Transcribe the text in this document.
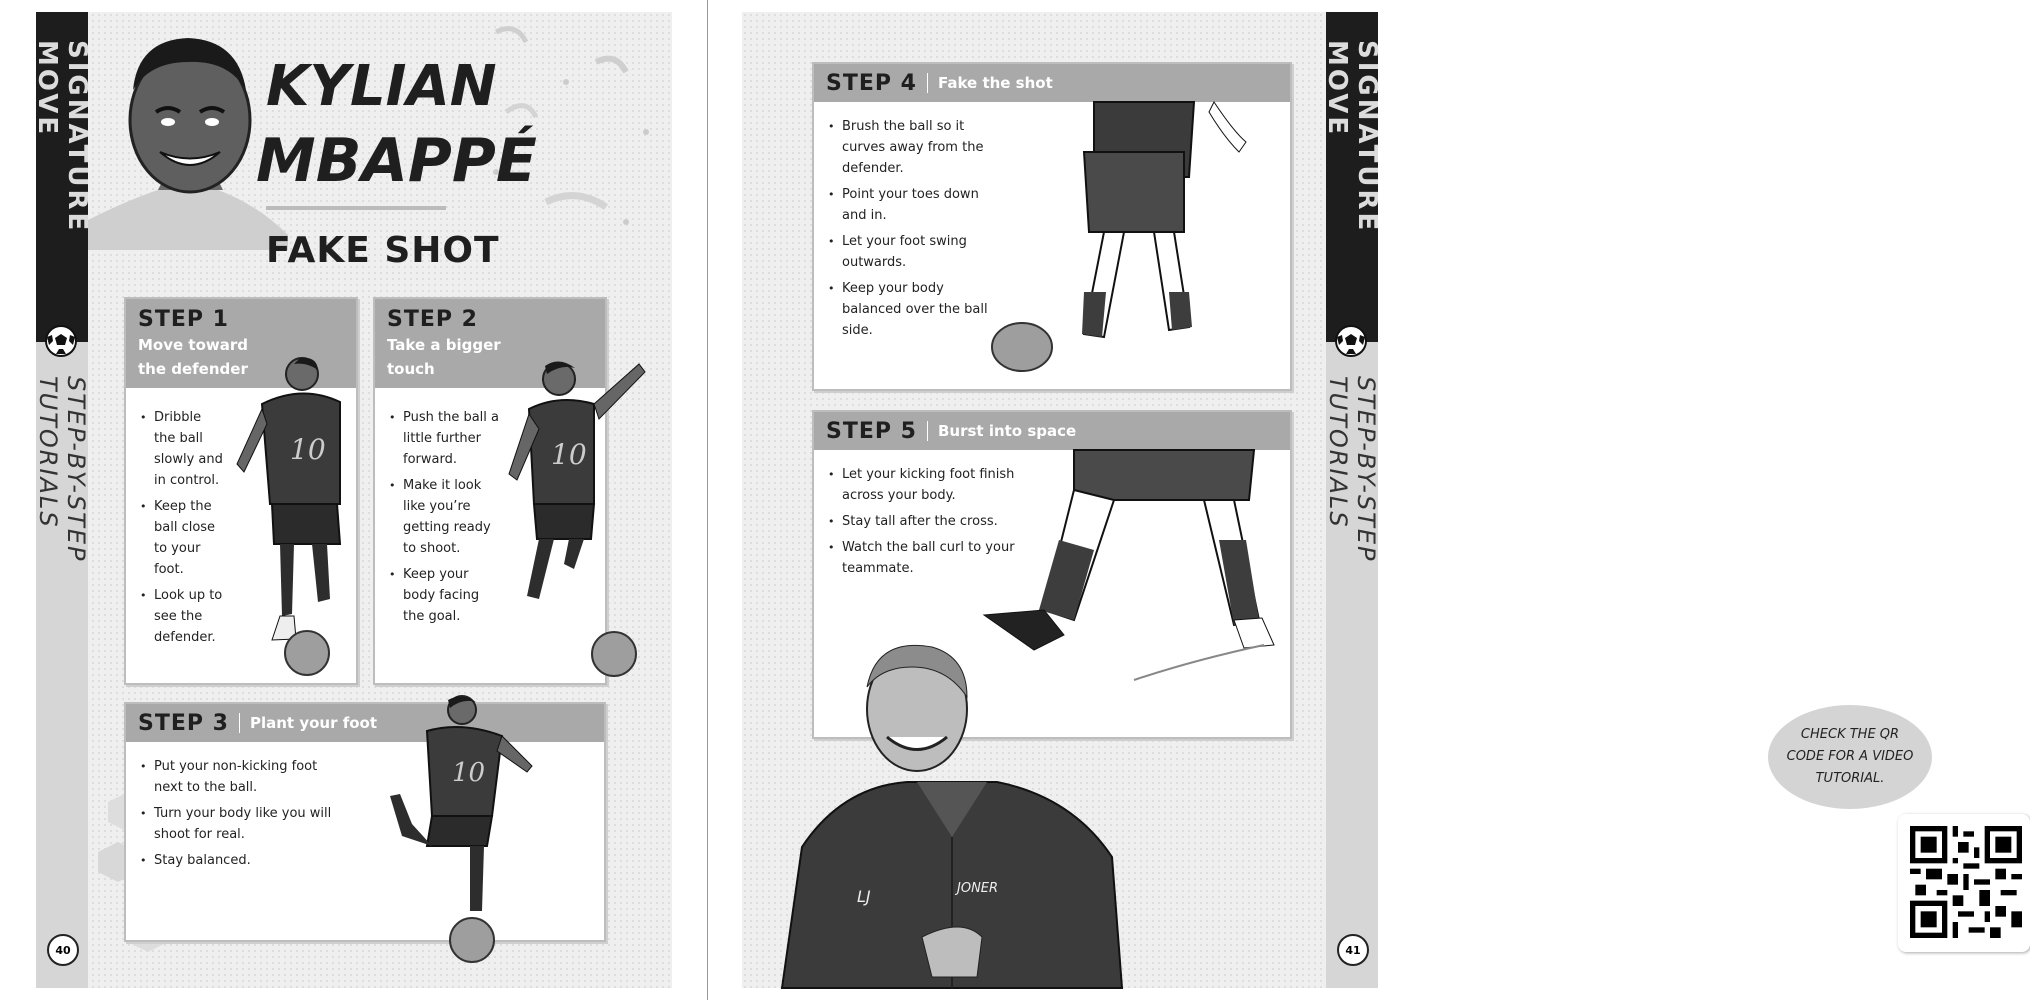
SIGNATURE MOVE
STEP-BY-STEP TUTORIALS
KYLIAN
MBAPPÉ
FAKE SHOT
STEP 1
Move toward
the defender
• Dribble the ball slowly and in control.
• Keep the ball close to your foot.
• Look up to see the defender.
10
STEP 2
Take a bigger
touch
• Push the ball a little further forward.
• Make it look like you’re getting ready to shoot.
• Keep your body facing the goal.
10
STEP 3 Plant your foot
• Put your non-kicking foot next to the ball.
• Turn your body like you will shoot for real.
• Stay balanced.
10
40
SIGNATURE MOVE
STEP-BY-STEP TUTORIALS
41
STEP 4 Fake the shot
• Brush the ball so it curves away from the defender.
• Point your toes down and in.
• Let your foot swing outwards.
• Keep your body balanced over the ball side.
STEP 5 Burst into space
• Let your kicking foot finish across your body.
• Stay tall after the cross.
• Watch the ball curl to your teammate.
LJ	JONER
CHECK THE QR CODE FOR A VIDEO TUTORIAL.
